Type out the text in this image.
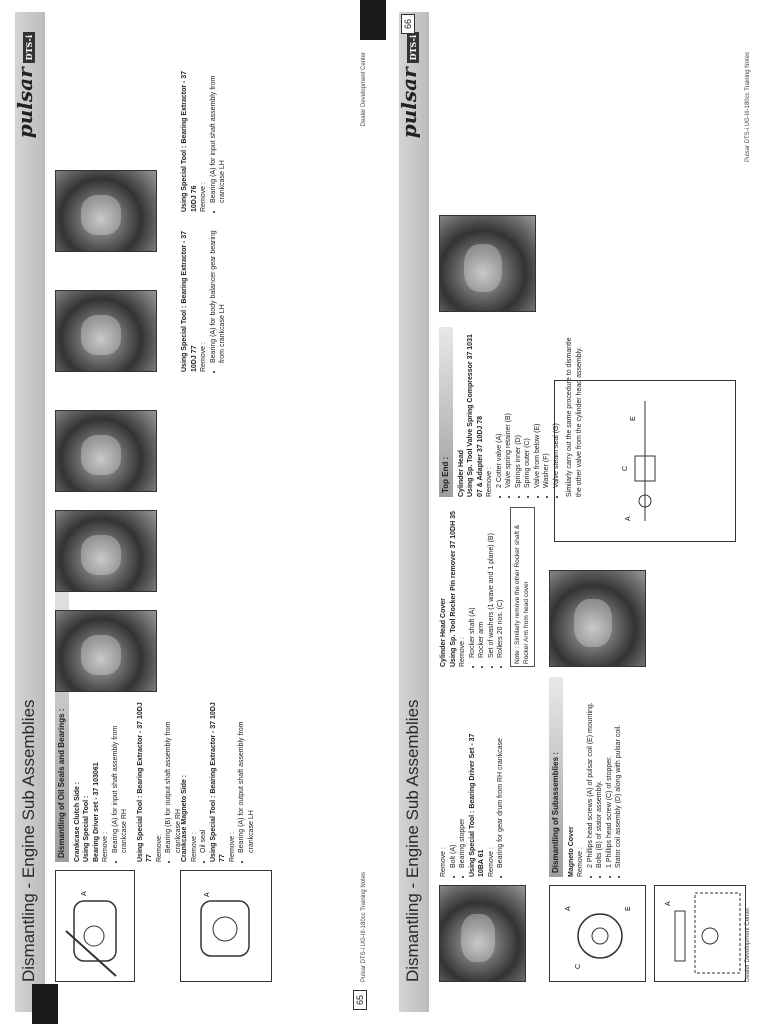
Dismantling - Engine Sub Assemblies
pulsarDTS-i
A	A	Pulsar DTS-i UG-III-180cc Training Notes
Dealer Development Center
65
Dismantling of Oil Seals and Bearings :	Crankcase Clutch Side : Using Special Tool : Bearing Driver set - 37 103061 Remove : • Bearing (A) for input shaft assembly from crankcase RH Using Special Tool : Bearing Extractor - 37 10DJ 77 Remove: • Bearing (B) for output shaft assembly from crankcase RH Crankcase Magneto Side : Remove : • Oil seal Using Special Tool : Bearing Extractor - 37 10DJ 77 Remove : • Bearing (A) for output shaft assembly from crankcase LH

Using Special Tool : Bearing Extractor - 37 10DJ 77 Remove : • Bearing (A) for body balancer gear bearing from crankcase LH

Using Special Tool : Bearing Extractor - 37 10DJ 76 Remove : • Bearing (A) for input shaft assembly from crankcase LH
Dismantling - Engine Sub Assemblies
pulsarDTS-i
A
C
E
A
A
C
E

Remove : • Bolt (A) • Bearing stopper Using Special Tool : Bearing Driver Set - 37 10BA 61 Remove : • Bearing for gear drum from RH crankcase	Dismantling of Subassemblies :	Magneto Cover Remove : • 2 Phillips head screws (A) of pulsar coil (E) mounting. • Bolts (B) of stator assembly. • 1 Phillips head screw (C) of stopper. • Stator coil assembly (D) along with pulsar coil.

Cylinder Head Cover Using Sp. Tool Rocker Pin remover 37 10DH 35 Remove : • Rocker shaft (A) • Rocker arm • Set of washers (1 wave and 1 plane) (B) • Rollers 20 nos. (C)	Note : Similarly remove the other Rocker shaft & Rocker Arm from head cover

Top End :	Cylinder Head Using Sp. Tool Valve Spring Compressor 37 1031 07 & Adapter 37 10DJ 78 Remove : • 2 Cotter valve (A) • Valve spring retainer (B) • Springs inner (D) • Spring outer (C) • Valve from below (E) • Washer (F) • Valve steam seal (G) Similarly carry out the same procedure to dismantle the other valve from the cylinder head assembly.

Dealer Development Center
Pulsar DTS-i UG-III-180cc Training Notes
66
